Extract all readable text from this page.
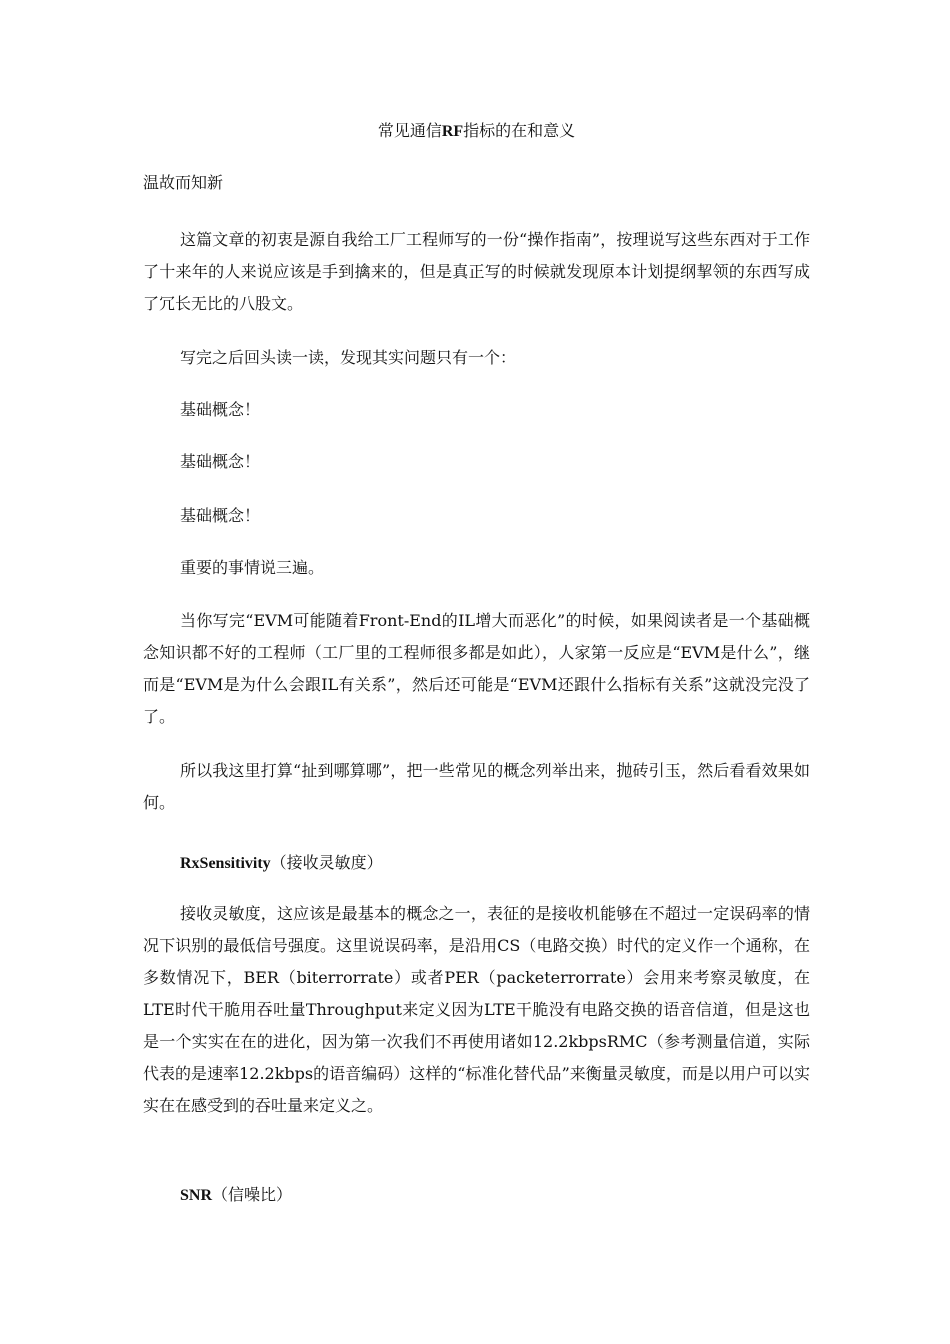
常见通信RF指标的在和意义
温故而知新
这篇文章的初衷是源自我给工厂工程师写的一份“操作指南”，按理说写这些东西对于工作了十来年的人来说应该是手到擒来的，但是真正写的时候就发现原本计划提纲挈领的东西写成了冗长无比的八股文。
写完之后回头读一读，发现其实问题只有一个：
基础概念！
基础概念！
基础概念！
重要的事情说三遍。
当你写完“EVM可能随着Front-End的IL增大而恶化”的时候，如果阅读者是一个基础概念知识都不好的工程师（工厂里的工程师很多都是如此），人家第一反应是“EVM是什么”，继而是“EVM是为什么会跟IL有关系”，然后还可能是“EVM还跟什么指标有关系”这就没完没了了。
所以我这里打算“扯到哪算哪”，把一些常见的概念列举出来，抛砖引玉，然后看看效果如何。
RxSensitivity（接收灵敏度）
接收灵敏度，这应该是最基本的概念之一，表征的是接收机能够在不超过一定误码率的情况下识别的最低信号强度。这里说误码率，是沿用CS（电路交换）时代的定义作一个通称，在多数情况下，BER（biterrorrate）或者PER（packeterrorrate）会用来考察灵敏度，在LTE时代干脆用吞吐量Throughput来定义因为LTE干脆没有电路交换的语音信道，但是这也是一个实实在在的进化，因为第一次我们不再使用诸如12.2kbpsRMC（参考测量信道，实际代表的是速率12.2kbps的语音编码）这样的“标准化替代品”来衡量灵敏度，而是以用户可以实实在在感受到的吞吐量来定义之。
SNR（信噪比）
